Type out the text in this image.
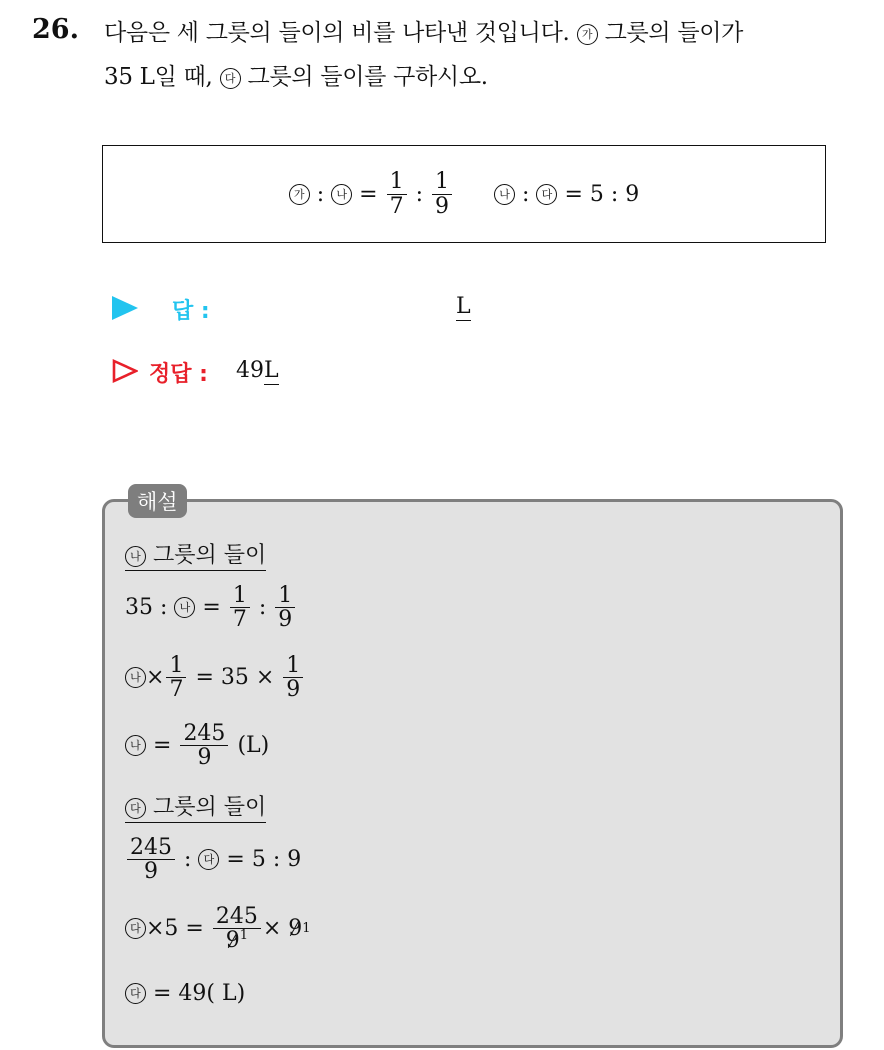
26. 다음은 세 그릇의 들이의 비를 나타낸 것입니다. 가 그릇의 들이가
35 L일 때, 다 그릇의 들이를 구하시오.
가
:
	나
=
$\frac{1}{7}$
:
$\frac{1}{9}$	나
:
	다
= 5 : 9
답 :	L
정답 : 49L
해설
나 그릇의 들이
35 :
	나
=
$\frac{1}{7}$
:
$\frac{1}{9}$
나 × $\frac{1}{7}$
= 35 ×
$\frac{1}{9}$
나
=
$\frac{245}{9}$
(L)
다 그릇의 들이
$\frac{245}{9}$
:
	다
= 5 : 9
다 ×5 =
$\frac{245}{9^1}$ ×
9 1
다
= 49( L)
